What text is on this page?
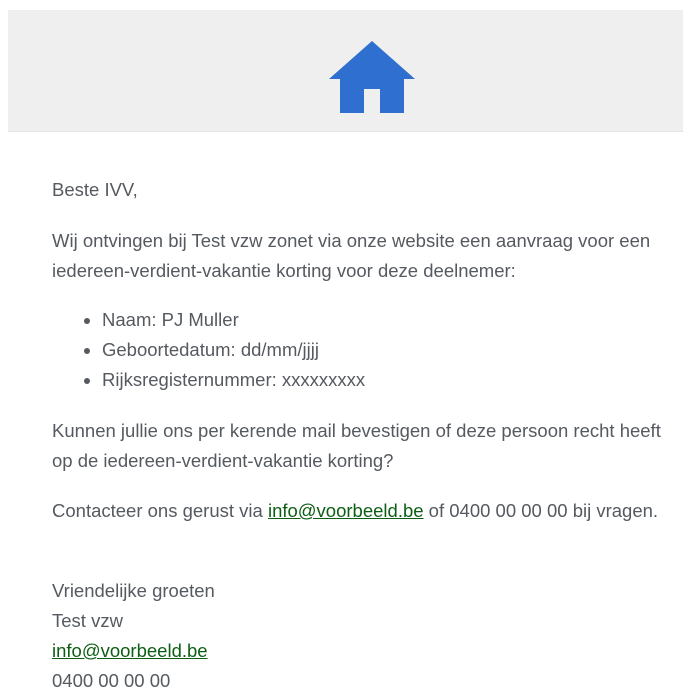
Beste IVV,

Wij ontvingen bij Test vzw zonet via onze website een aanvraag voor een iedereen-verdient-vakantie korting voor deze deelnemer:

• Naam: PJ Muller
• Geboortedatum: dd/mm/jjjj
• Rijksregisternummer: xxxxxxxxx

Kunnen jullie ons per kerende mail bevestigen of deze persoon recht heeft op de iedereen-verdient-vakantie korting?

Contacteer ons gerust via info@voorbeeld.be of 0400 00 00 00 bij vragen.

Vriendelijke groeten
Test vzw
info@voorbeeld.be
0400 00 00 00
